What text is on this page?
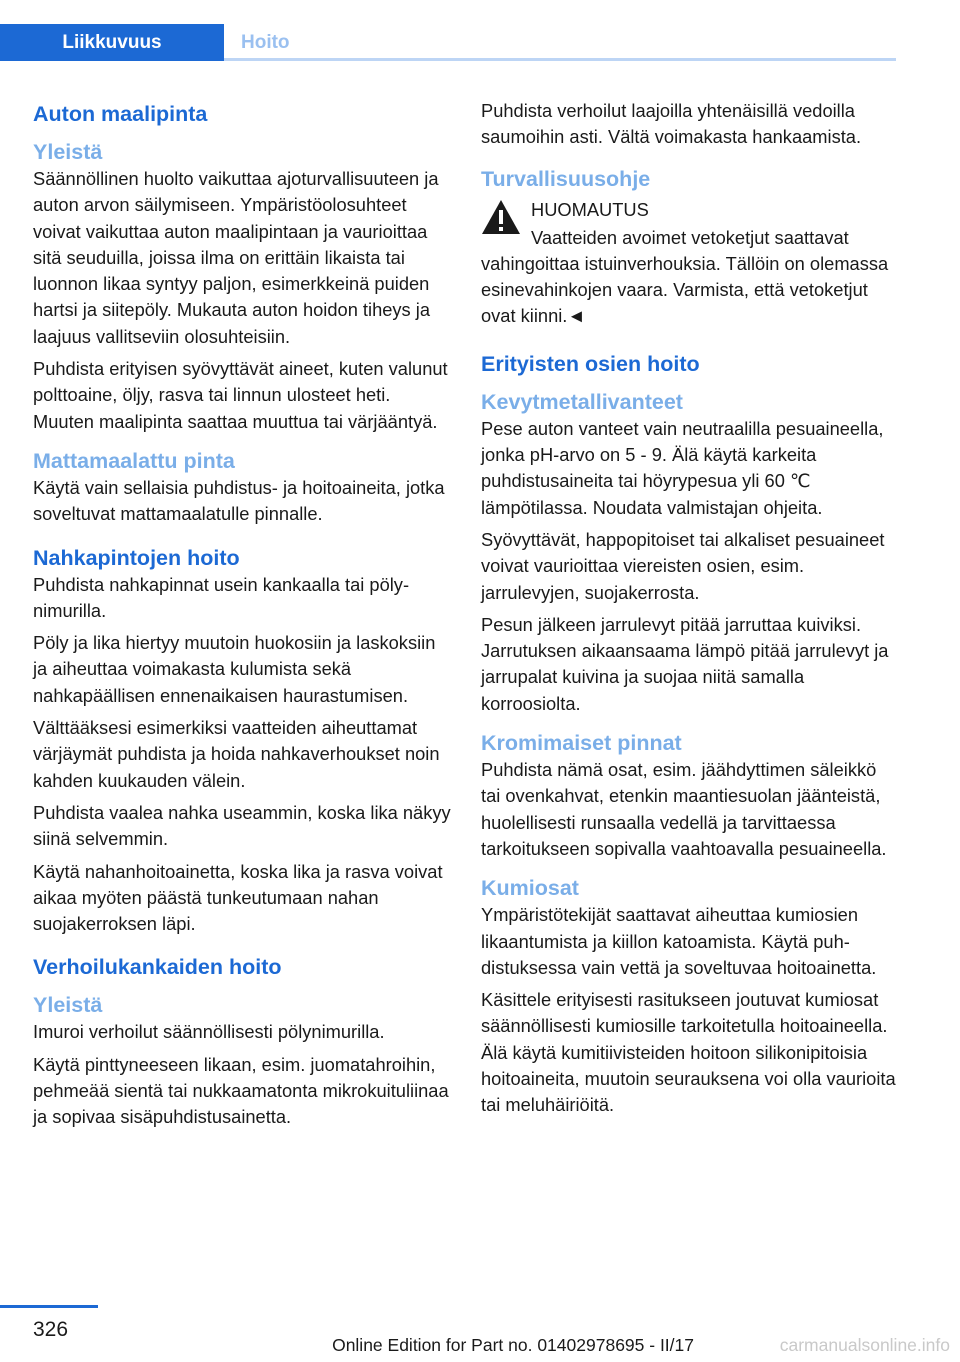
Liikkuvuus	Hoito
Auton maalipinta
Yleistä

Säännöllinen huolto vaikuttaa ajoturvallisuuteen ja auton arvon säilymiseen. Ympäristöolosuhteet voivat vaikuttaa auton maalipintaan ja vaurioittaa sitä seuduilla, joissa ilma on erittäin likaista tai luonnon likaa syntyy paljon, esimerkkeinä puiden hartsi ja siitepöly. Mukauta auton hoidon tiheys ja laajuus vallitseviin olosuhteisiin.

Puhdista erityisen syövyttävät aineet, kuten valunut polttoaine, öljy, rasva tai linnun ulosteet heti. Muuten maalipinta saattaa muuttua tai värjääntyä.

Mattamaalattu pinta

Käytä vain sellaisia puhdistus- ja hoitoaineita, jotka soveltuvat mattamaalatulle pinnalle.

Nahkapintojen hoito

Puhdista nahkapinnat usein kankaalla tai pölynimurilla.

Pöly ja lika hiertyy muutoin huokosiin ja laskoksiin ja aiheuttaa voimakasta kulumista sekä nahkapäällisen ennenaikaisen haurastumisen.

Välttääksesi esimerkiksi vaatteiden aiheuttamat värjäymät puhdista ja hoida nahkaverhoukset noin kahden kuukauden välein.

Puhdista vaalea nahka useammin, koska lika näkyy siinä selvemmin.

Käytä nahanhoitoainetta, koska lika ja rasva voivat aikaa myöten päästä tunkeutumaan nahan suojakerroksen läpi.

Verhoilukankaiden hoito
Yleistä

Imuroi verhoilut säännöllisesti pölynimurilla.

Käytä pinttyneeseen likaan, esim. juomatahroihin, pehmeää sientä tai nukkaamatonta mikrokuituliinaa ja sopivaa sisäpuhdistusainetta.

Puhdista verhoilut laajoilla yhtenäisillä vedoilla saumoihin asti. Vältä voimakasta hankaamista.

Turvallisuusohje
HUOMAUTUS

Vaatteiden avoimet vetoketjut saattavat vahingoittaa istuinverhouksia. Tällöin on olemassa esinevahinkojen vaara. Varmista, että vetoketjut ovat kiinni.◄

Erityisten osien hoito
Kevytmetallivanteet

Pese auton vanteet vain neutraalilla pesuaineella, jonka pH-arvo on 5 - 9. Älä käytä karkeita puhdistusaineita tai höyrypesua yli 60 ℃ lämpötilassa. Noudata valmistajan ohjeita.

Syövyttävät, happopitoiset tai alkaliset pesuaineet voivat vaurioittaa viereisten osien, esim. jarrulevyjen, suojakerrosta.

Pesun jälkeen jarrulevyt pitää jarruttaa kuiviksi. Jarrutuksen aikaansaama lämpö pitää jarrulevyt ja jarrupalat kuivina ja suojaa niitä samalla korroosiolta.

Kromimaiset pinnat

Puhdista nämä osat, esim. jäähdyttimen säleikkö tai ovenkahvat, etenkin maantiesuolan jäänteistä, huolellisesti runsaalla vedellä ja tarvittaessa tarkoitukseen sopivalla vaahtoavalla pesuaineella.

Kumiosat

Ympäristötekijät saattavat aiheuttaa kumiosien likaantumista ja kiillon katoamista. Käytä puhdistuksessa vain vettä ja soveltuvaa hoitoainetta.

Käsittele erityisesti rasitukseen joutuvat kumiosat säännöllisesti kumiosille tarkoitetulla hoitoaineella. Älä käytä kumitiivisteiden hoitoon silikonipitoisia hoitoaineita, muutoin seurauksena voi olla vaurioita tai meluhäiriöitä.

326
Online Edition for Part no. 01402978695 - II/17	carmanualsonline.info
